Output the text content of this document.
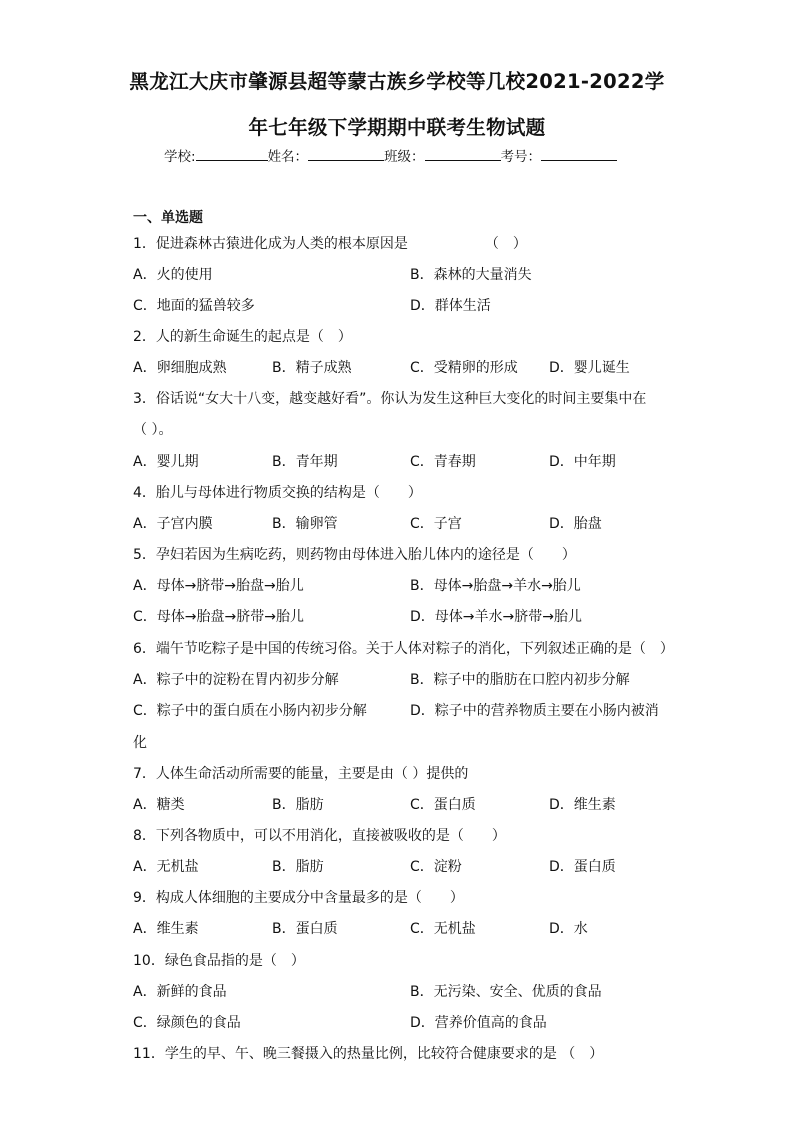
黑龙江大庆市肇源县超等蒙古族乡学校等几校2021-2022学
年七年级下学期期中联考生物试题
学校:	姓名：	班级：	考号：
一、单选题
1．促进森林古猿进化成为人类的根本原因是　　　　　　（　）
A．火的使用	B．森林的大量消失
C．地面的猛兽较多	D．群体生活
2．人的新生命诞生的起点是（　）
A．卵细胞成熟	B．精子成熟	C．受精卵的形成 D．婴儿诞生
3．俗话说“女大十八变，越变越好看”。你认为发生这种巨大变化的时间主要集中在
（ ）。
A．婴儿期	B．青年期	C．青春期	D．中年期
4．胎儿与母体进行物质交换的结构是（　　）
A．子宫内膜	B．输卵管	C．子宫	D．胎盘
5．孕妇若因为生病吃药，则药物由母体进入胎儿体内的途径是（　　）
A．母体→脐带→胎盘→胎儿	B．母体→胎盘→羊水→胎儿
C．母体→胎盘→脐带→胎儿	D．母体→羊水→脐带→胎儿
6．端午节吃粽子是中国的传统习俗。关于人体对粽子的消化，下列叙述正确的是（　）
A．粽子中的淀粉在胃内初步分解	B．粽子中的脂肪在口腔内初步分解
C．粽子中的蛋白质在小肠内初步分解	D．粽子中的营养物质主要在小肠内被消
化
7．人体生命活动所需要的能量，主要是由（ ）提供的
A．糖类	B．脂肪	C．蛋白质	D．维生素
8．下列各物质中，可以不用消化，直接被吸收的是（　　）
A．无机盐	B．脂肪	C．淀粉	D．蛋白质
9．构成人体细胞的主要成分中含量最多的是（　　）
A．维生素	B．蛋白质	C．无机盐	D．水
10．绿色食品指的是（　）
A．新鲜的食品	B．无污染、安全、优质的食品
C．绿颜色的食品	D．营养价值高的食品
11．学生的早、午、晚三餐摄入的热量比例，比较符合健康要求的是 （　）
